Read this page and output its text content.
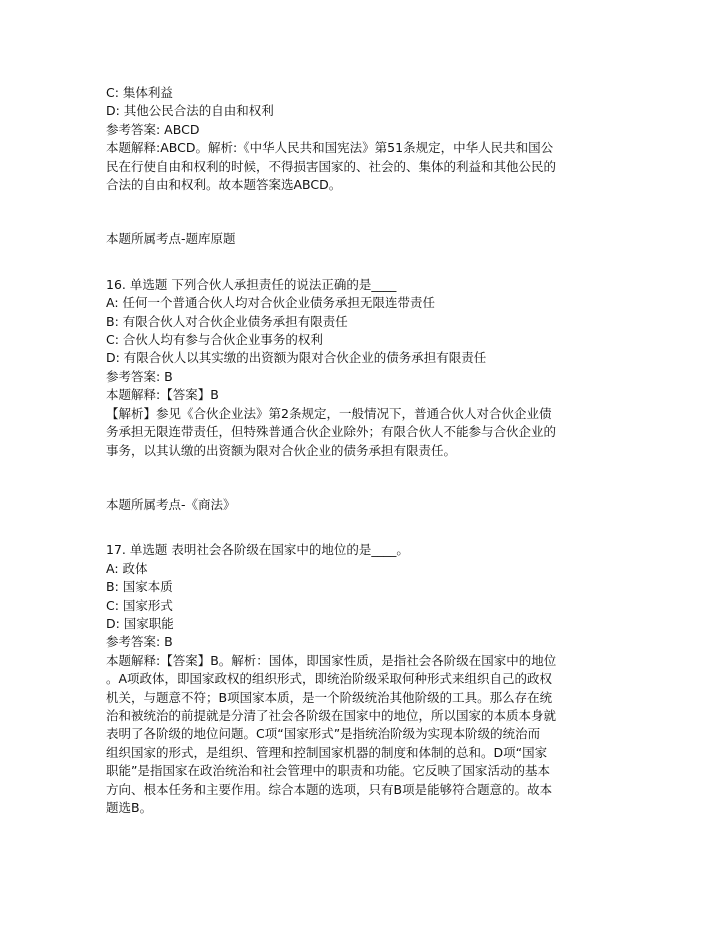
C: 集体利益
D: 其他公民合法的自由和权利
参考答案: ABCD
本题解释:ABCD。解析:《中华人民共和国宪法》第51条规定，中华人民共和国公
民在行使自由和权利的时候，不得损害国家的、社会的、集体的利益和其他公民的
合法的自由和权利。故本题答案选ABCD。
本题所属考点-题库原题
16. 单选题 下列合伙人承担责任的说法正确的是____
A: 任何一个普通合伙人均对合伙企业债务承担无限连带责任
B: 有限合伙人对合伙企业债务承担有限责任
C: 合伙人均有参与合伙企业事务的权利
D: 有限合伙人以其实缴的出资额为限对合伙企业的债务承担有限责任
参考答案: B
本题解释:【答案】B
【解析】参见《合伙企业法》第2条规定，一般情况下，普通合伙人对合伙企业债
务承担无限连带责任，但特殊普通合伙企业除外；有限合伙人不能参与合伙企业的
事务，以其认缴的出资额为限对合伙企业的债务承担有限责任。
本题所属考点-《商法》
17. 单选题 表明社会各阶级在国家中的地位的是____。
A: 政体
B: 国家本质
C: 国家形式
D: 国家职能
参考答案: B
本题解释:【答案】B。解析：国体，即国家性质，是指社会各阶级在国家中的地位
。A项政体，即国家政权的组织形式，即统治阶级采取何种形式来组织自己的政权
机关，与题意不符；B项国家本质，是一个阶级统治其他阶级的工具。那么存在统
治和被统治的前提就是分清了社会各阶级在国家中的地位，所以国家的本质本身就
表明了各阶级的地位问题。C项“国家形式”是指统治阶级为实现本阶级的统治而
组织国家的形式，是组织、管理和控制国家机器的制度和体制的总和。D项“国家
职能”是指国家在政治统治和社会管理中的职责和功能。它反映了国家活动的基本
方向、根本任务和主要作用。综合本题的选项，只有B项是能够符合题意的。故本
题选B。
